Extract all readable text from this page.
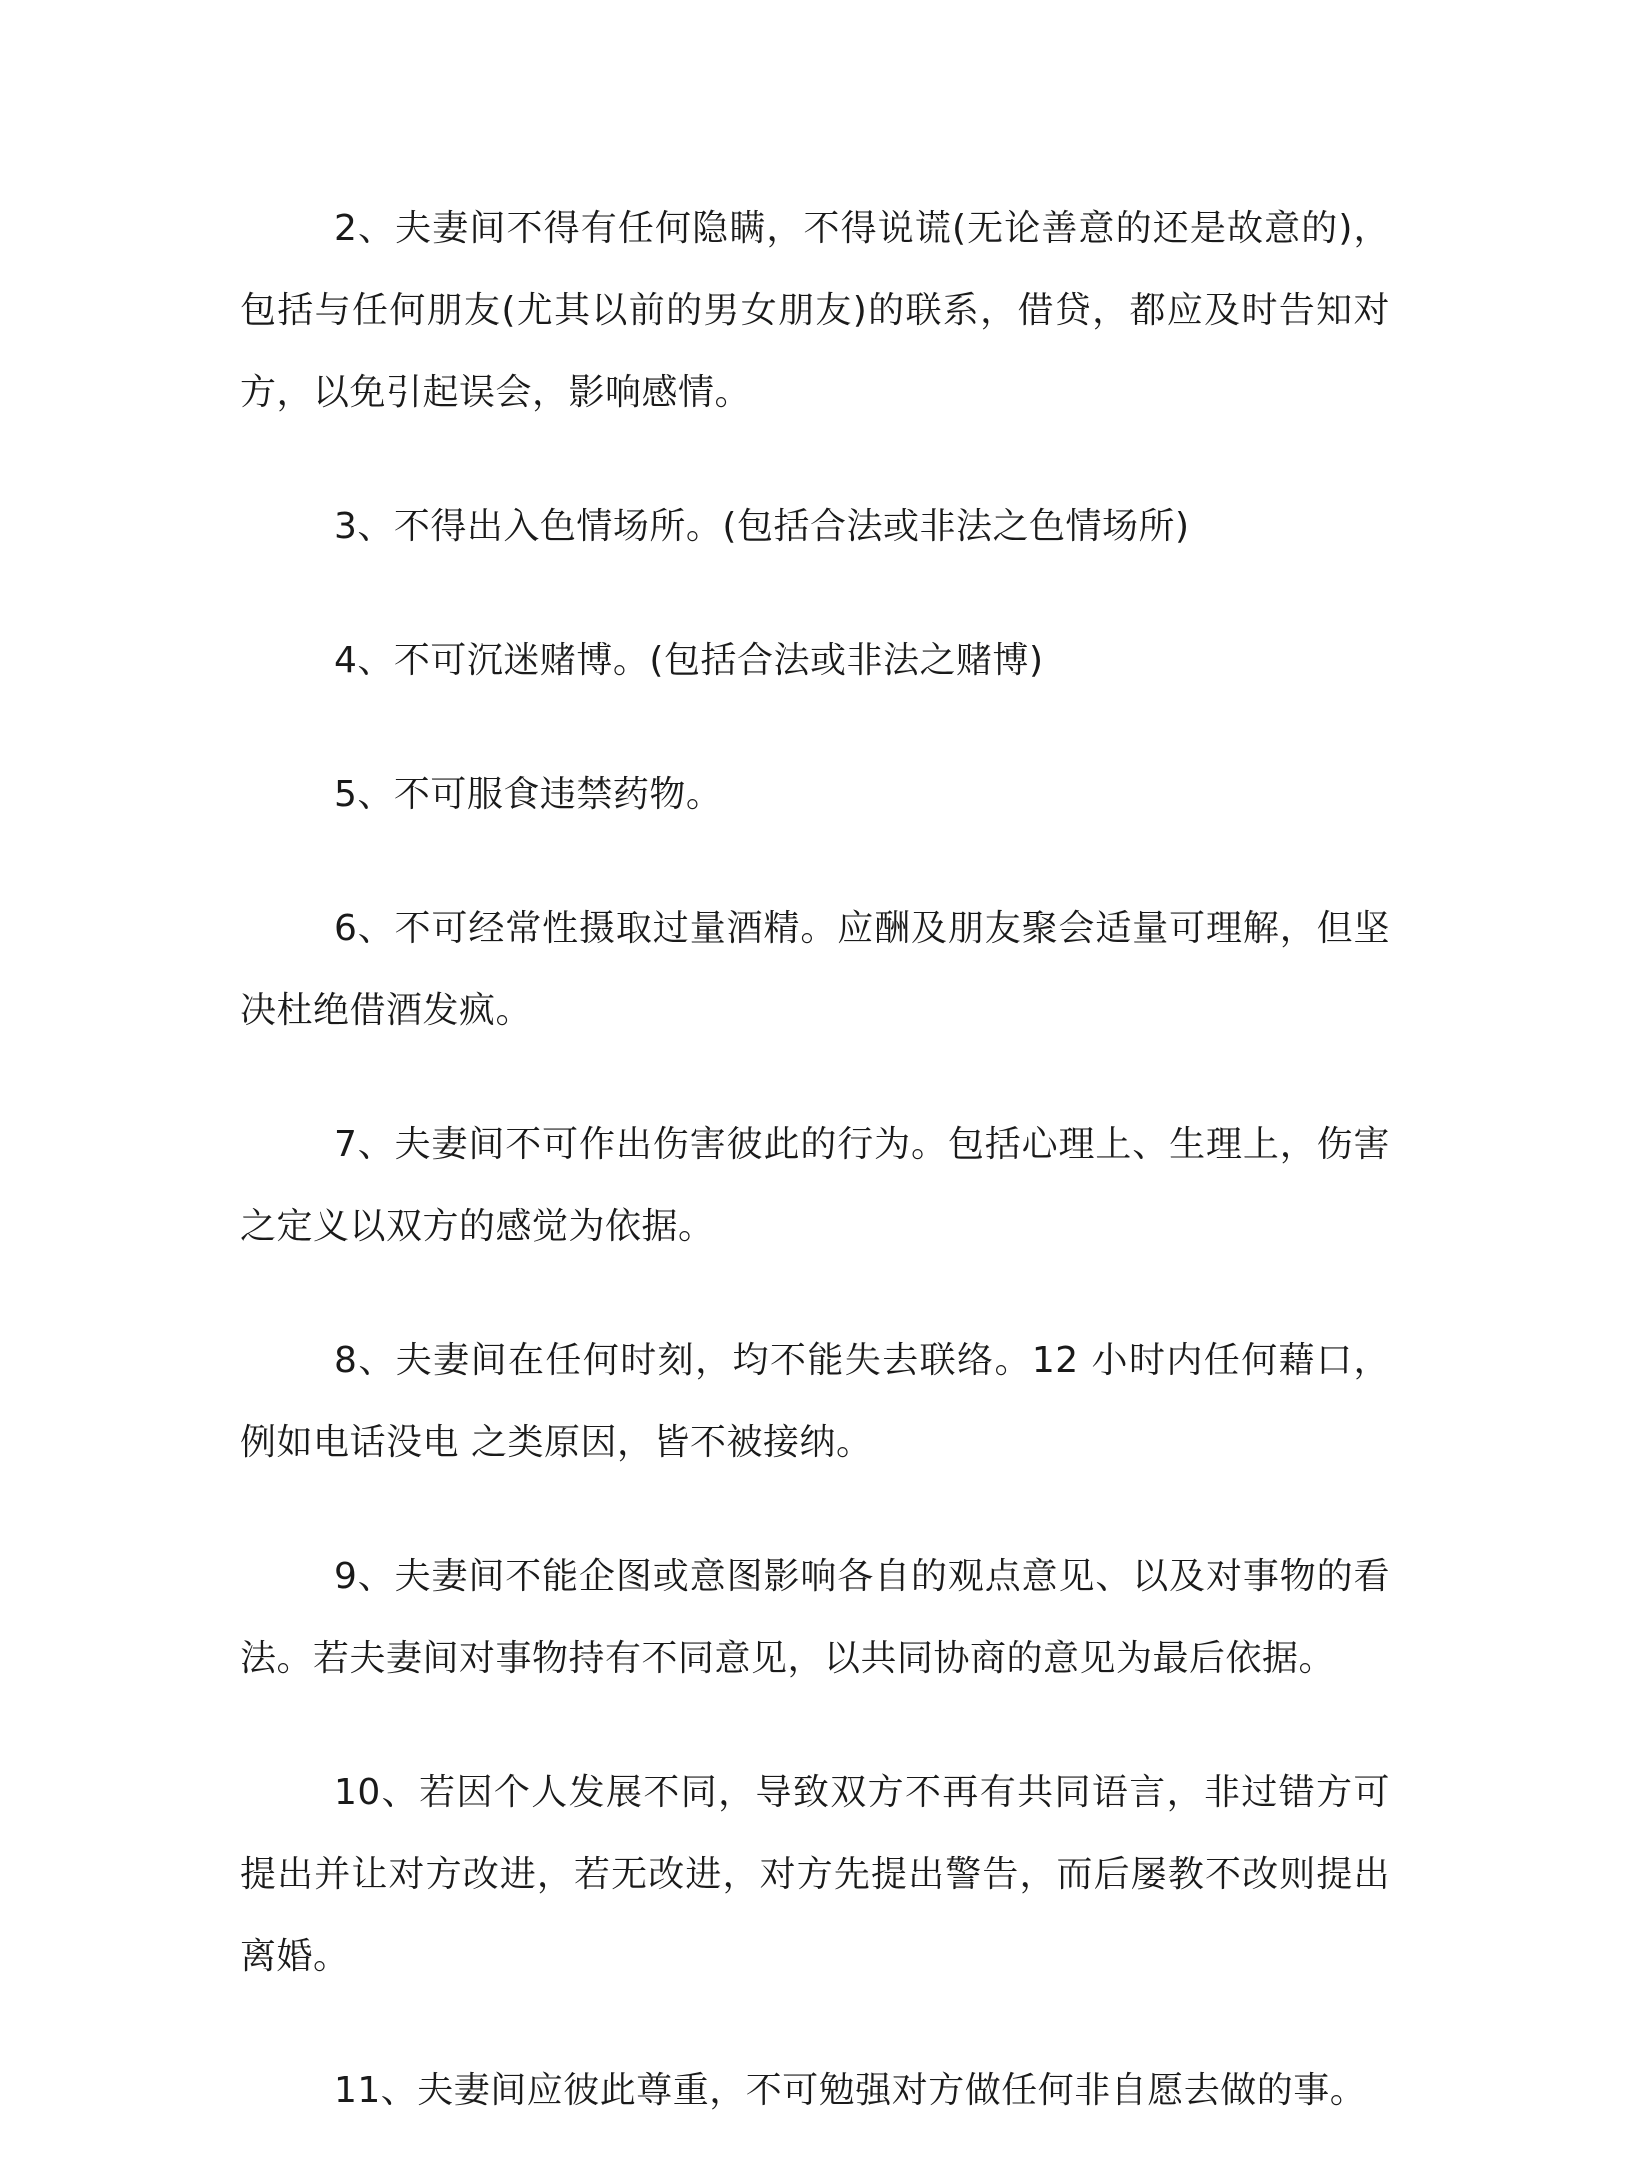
2、夫妻间不得有任何隐瞒，不得说谎(无论善意的还是故意的)，包括与任何朋友(尤其以前的男女朋友)的联系，借贷，都应及时告知对方，以免引起误会，影响感情。

3、不得出入色情场所。(包括合法或非法之色情场所)

4、不可沉迷赌博。(包括合法或非法之赌博)

5、不可服食违禁药物。

6、不可经常性摄取过量酒精。应酬及朋友聚会适量可理解，但坚决杜绝借酒发疯。

7、夫妻间不可作出伤害彼此的行为。包括心理上、生理上，伤害之定义以双方的感觉为依据。

8、夫妻间在任何时刻，均不能失去联络。12 小时内任何藉口，例如电话没电 之类原因，皆不被接纳。

9、夫妻间不能企图或意图影响各自的观点意见、以及对事物的看法。若夫妻间对事物持有不同意见，以共同协商的意见为最后依据。

10、若因个人发展不同，导致双方不再有共同语言，非过错方可提出并让对方改进，若无改进，对方先提出警告，而后屡教不改则提出离婚。

11、夫妻间应彼此尊重，不可勉强对方做任何非自愿去做的事。
